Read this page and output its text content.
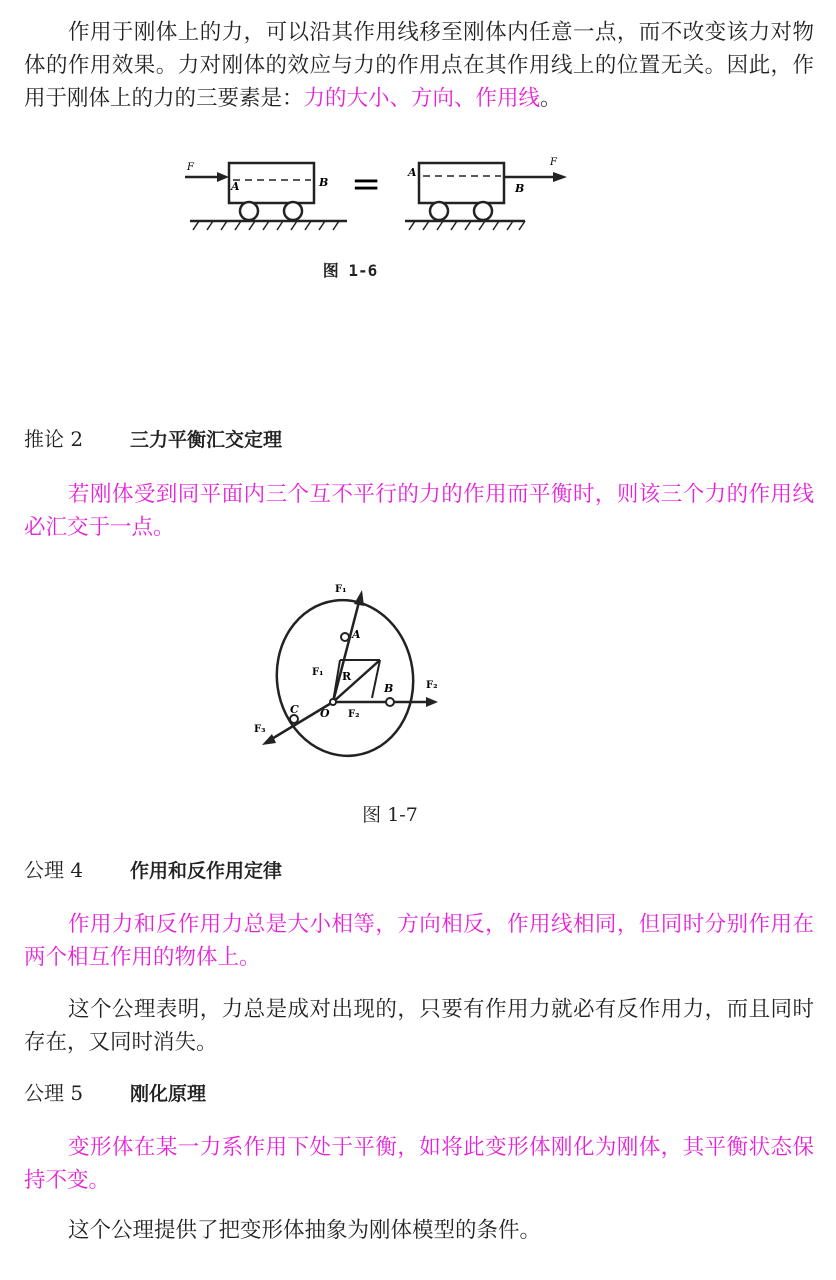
作用于刚体上的力，可以沿其作用线移至刚体内任意一点，而不改变该力对物体的作用效果。力对刚体的效应与力的作用点在其作用线上的位置无关。因此，作用于刚体上的力的三要素是：力的大小、方向、作用线。

F
A	B =
F
A
B
图 1-6
推论 2 三力平衡汇交定理

若刚体受到同平面内三个互不平行的力的作用而平衡时，则该三个力的作用线必汇交于一点。

F₁
A
F₁ R
B	F₂
F₂
O
C
F₃
图 1-7
公理 4 作用和反作用定律

作用力和反作用力总是大小相等，方向相反，作用线相同，但同时分别作用在两个相互作用的物体上。

这个公理表明，力总是成对出现的，只要有作用力就必有反作用力，而且同时存在，又同时消失。

公理 5 刚化原理

变形体在某一力系作用下处于平衡，如将此变形体刚化为刚体，其平衡状态保持不变。

这个公理提供了把变形体抽象为刚体模型的条件。
